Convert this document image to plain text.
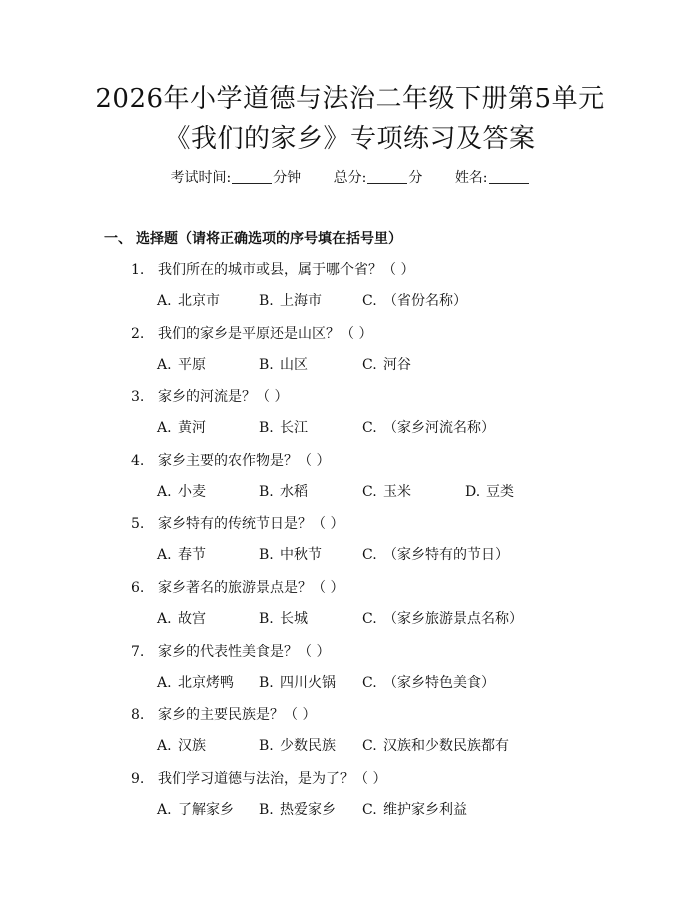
2026年小学道德与法治二年级下册第5单元
《我们的家乡》专项练习及答案
考试时间:	分钟 总分:	分 姓名:
一、 选择题（请将正确选项的序号填在括号里）
1. 我们所在的城市或县，属于哪个省？（ ）
A. 北京市	B. 上海市	C. （省份名称）
2. 我们的家乡是平原还是山区？（ ）
A. 平原	B. 山区	C. 河谷
3. 家乡的河流是？（ ）
A. 黄河	B. 长江	C. （家乡河流名称）
4. 家乡主要的农作物是？（ ）
A. 小麦	B. 水稻	C. 玉米	D. 豆类
5. 家乡特有的传统节日是？（ ）
A. 春节	B. 中秋节	C. （家乡特有的节日）
6. 家乡著名的旅游景点是？（ ）
A. 故宫	B. 长城	C. （家乡旅游景点名称）
7. 家乡的代表性美食是？（ ）
A. 北京烤鸭 B. 四川火锅 C. （家乡特色美食）
8. 家乡的主要民族是？（ ）
A. 汉族	B. 少数民族 C. 汉族和少数民族都有
9. 我们学习道德与法治，是为了？（ ）
A. 了解家乡 B. 热爱家乡 C. 维护家乡利益
